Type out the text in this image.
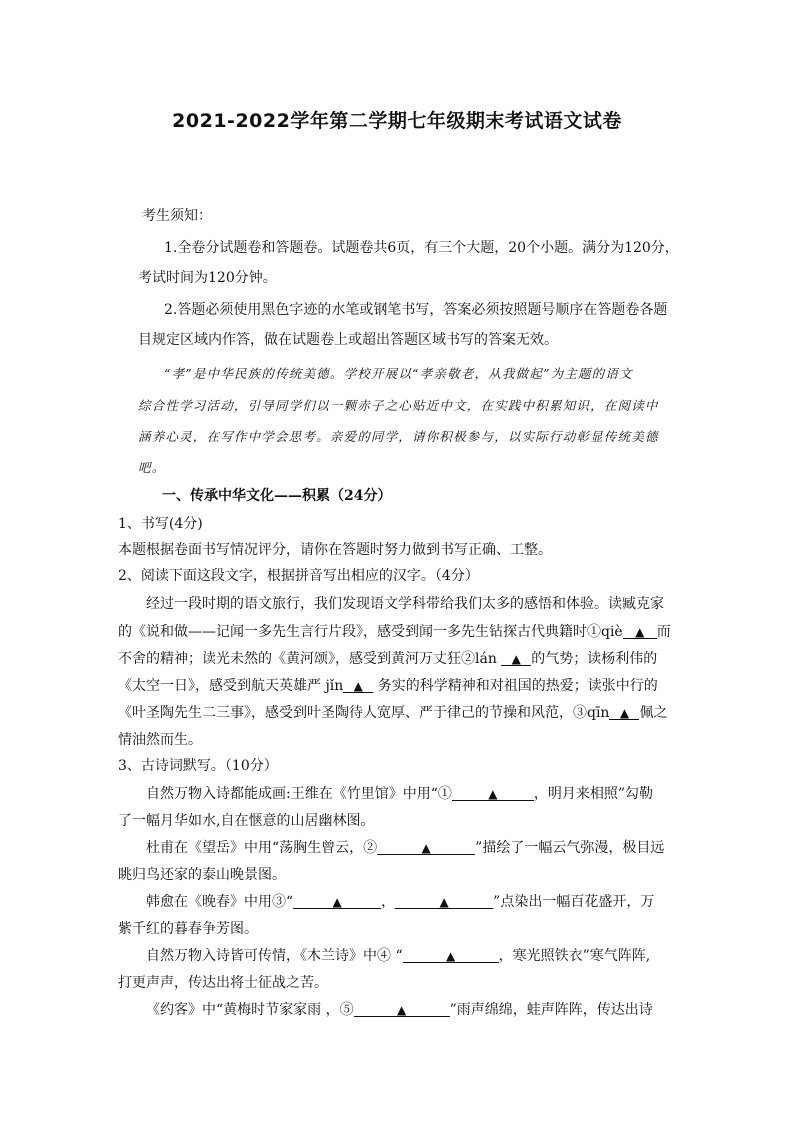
2021-2022学年第二学期七年级期末考试语文试卷
考生须知：
1.全卷分试题卷和答题卷。试题卷共6页，有三个大题，20个小题。满分为120分，
考试时间为120分钟。
2.答题必须使用黑色字迹的水笔或钢笔书写，答案必须按照题号顺序在答题卷各题
目规定区域内作答，做在试题卷上或超出答题区域书写的答案无效。
“孝”是中华民族的传统美德。学校开展以“孝亲敬老，从我做起”为主题的语文
综合性学习活动，引导同学们以一颗赤子之心贴近中文，在实践中积累知识，在阅读中
涵养心灵，在写作中学会思考。亲爱的同学，请你积极参与，以实际行动彰显传统美德
吧。
一、传承中华文化——积累（24分）
1、书写(4分)
本题根据卷面书写情况评分，请你在答题时努力做到书写正确、工整。
2、阅读下面这段文字，根据拼音写出相应的汉字。（4分）
经过一段时期的语文旅行，我们发现语文学科带给我们太多的感悟和体验。读臧克家
的《说和做——记闻一多先生言行片段》，感受到闻一多先生钻探古代典籍时①qiè ▲ 而
不舍的精神；读光未然的《黄河颂》，感受到黄河万丈狂②lán ▲ 的气势；读杨利伟的
《太空一日》，感受到航天英雄严 jǐn ▲ 务实的科学精神和对祖国的热爱；读张中行的
《叶圣陶先生二三事》，感受到叶圣陶待人宽厚、严于律己的节操和风范，③qīn ▲ 佩之
情油然而生。
3、古诗词默写。（10分）
自然万物入诗都能成画:王维在《竹里馆》中用“①	▲	，明月来相照”勾勒
了一幅月华如水,自在惬意的山居幽林图。
杜甫在《望岳》中用“荡胸生曾云，②	▲	”描绘了一幅云气弥漫，极目远
眺归鸟还家的泰山晚景图。
韩愈在《晚春》中用③“	▲	，	▲	”点染出一幅百花盛开，万
紫千红的暮春争芳图。
自然万物入诗皆可传情，《木兰诗》中④ “	▲	，寒光照铁衣”寒气阵阵,
打更声声，传达出将士征战之苦。
《约客》中“黄梅时节家家雨 ，⑤	▲	”雨声绵绵，蛙声阵阵，传达出诗
